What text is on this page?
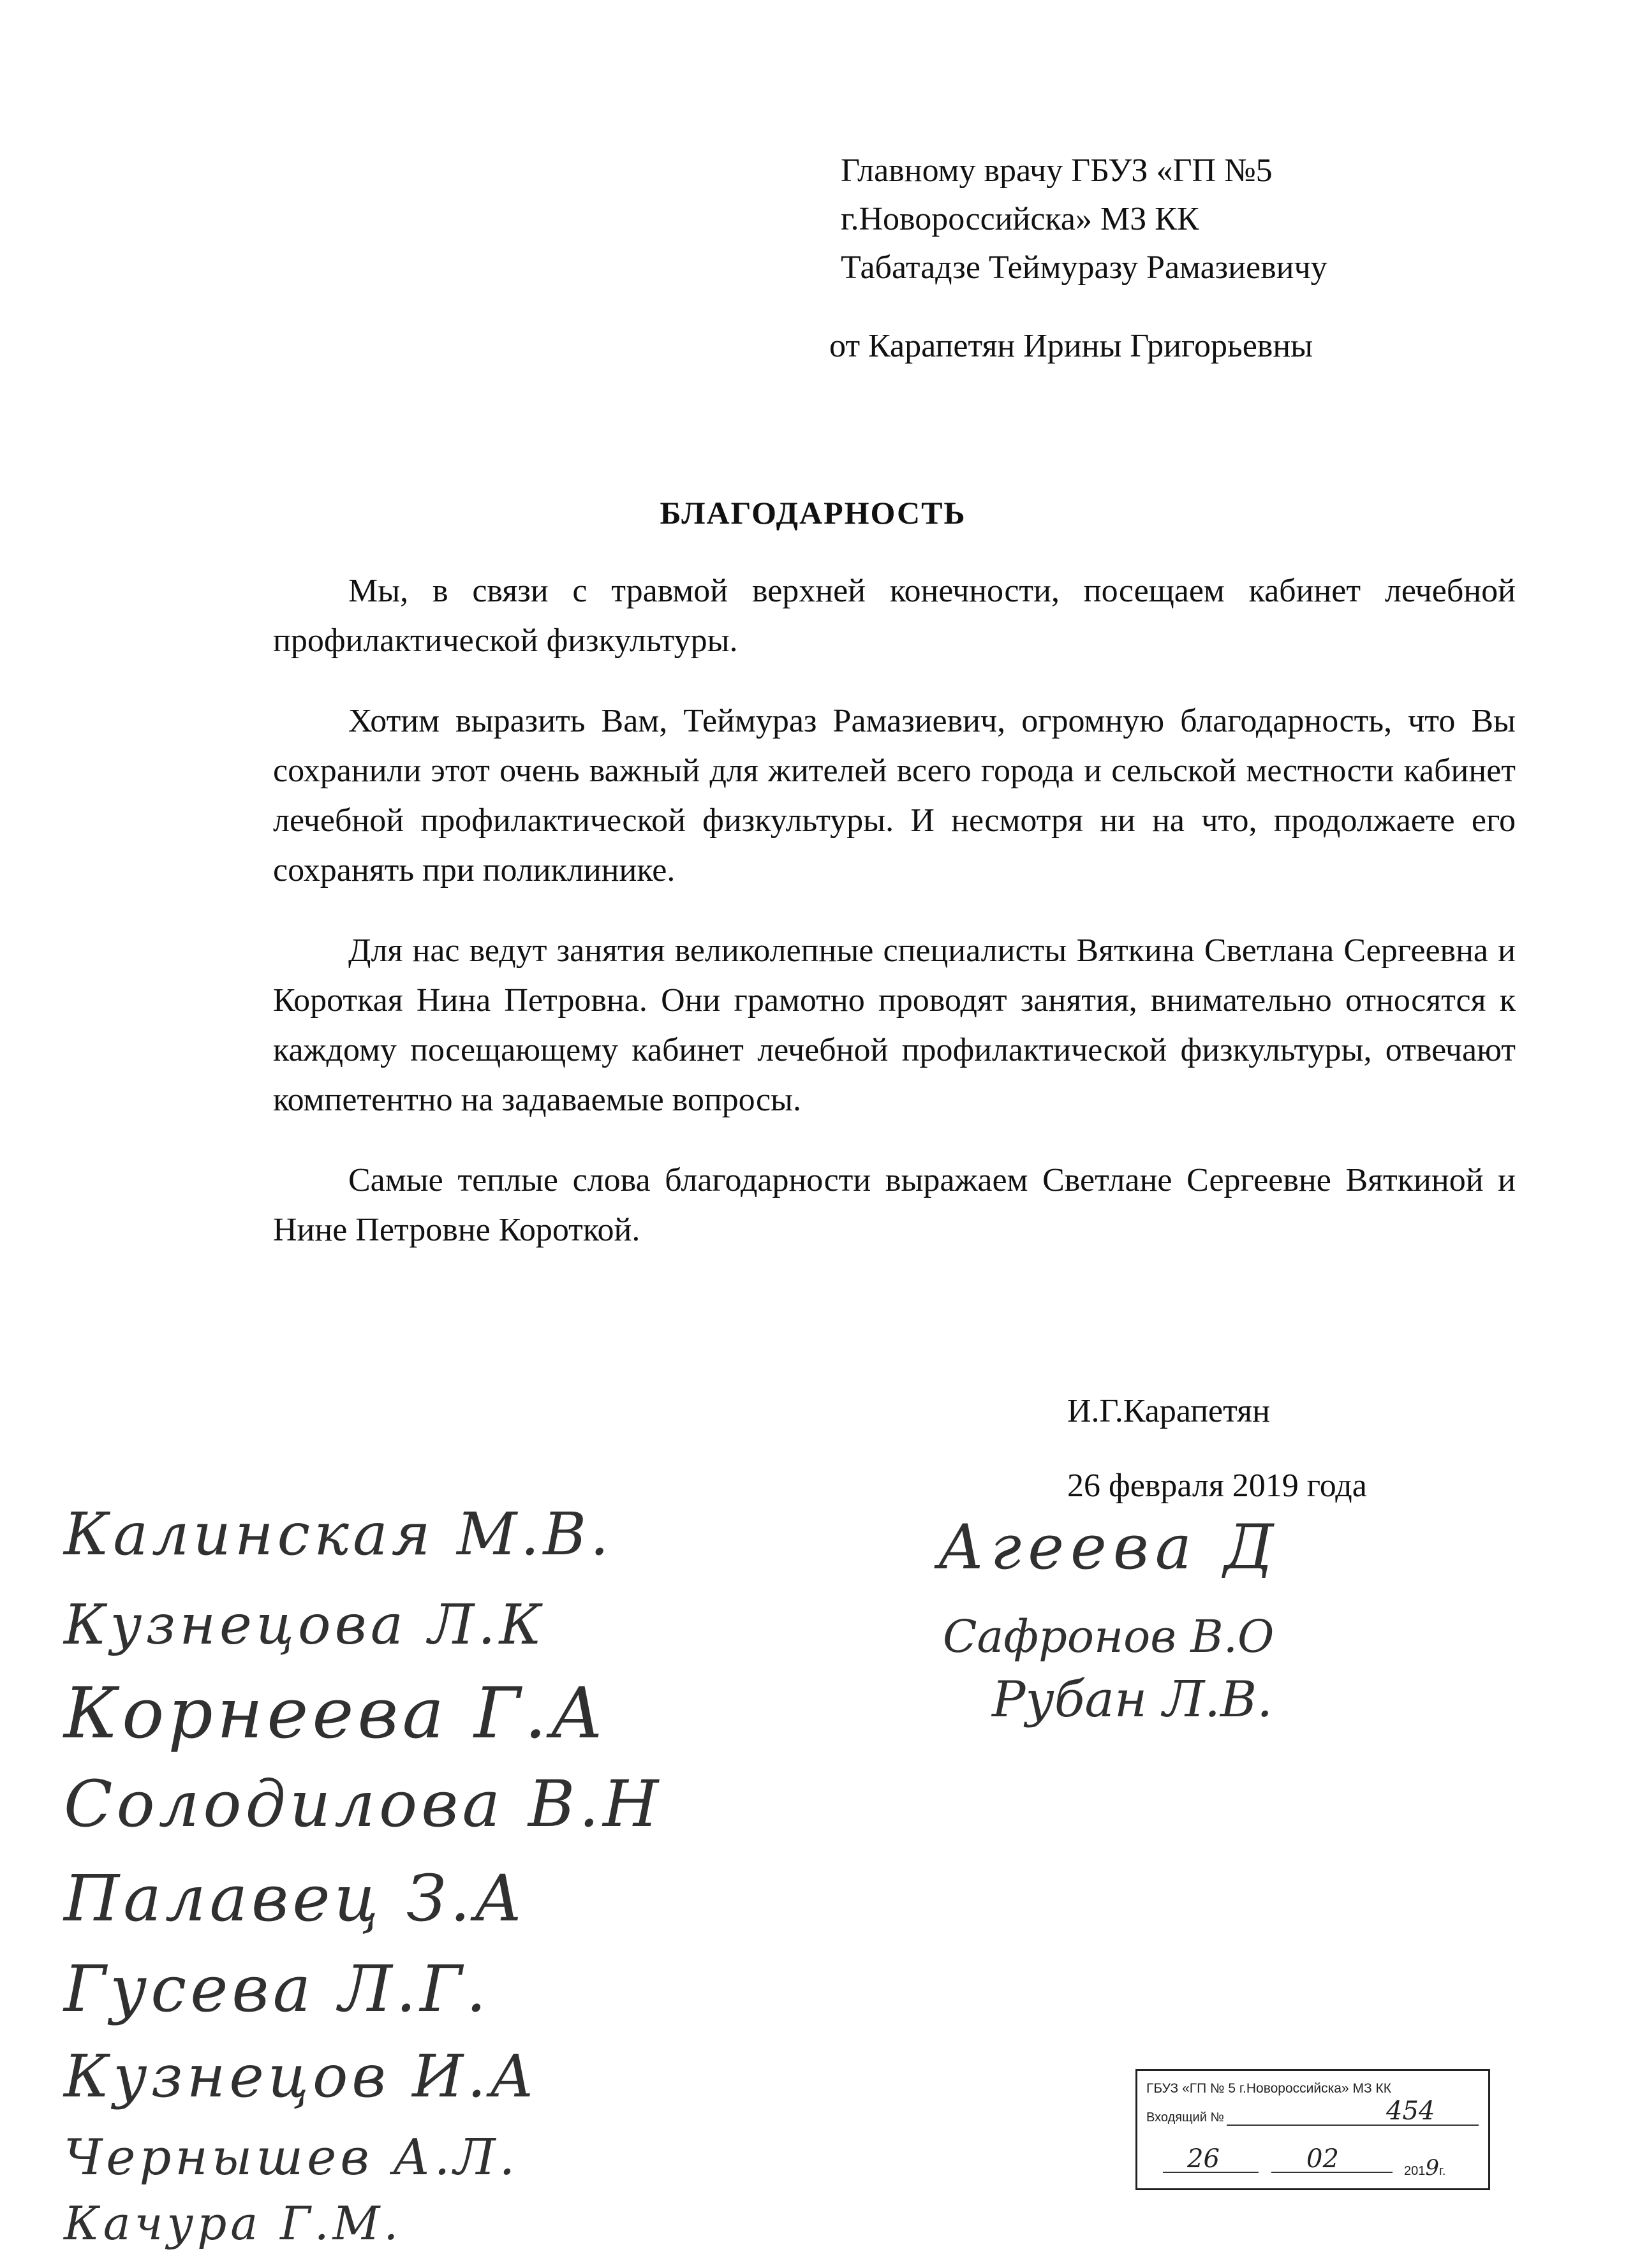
Главному врачу ГБУЗ «ГП №5
г.Новороссийска» МЗ КК
Табатадзе Теймуразу Рамазиевичу
от Карапетян Ирины Григорьевны
БЛАГОДАРНОСТЬ

Мы, в связи с травмой верхней конечности, посещаем кабинет лечебной профилактической физкультуры.

Хотим выразить Вам, Теймураз Рамазиевич, огромную благодарность, что Вы сохранили этот очень важный для жителей всего города и сельской местности кабинет лечебной профилактической физкультуры. И несмотря ни на что, продолжаете его сохранять при поликлинике.

Для нас ведут занятия великолепные специалисты Вяткина Светлана Сергеевна и Короткая Нина Петровна. Они грамотно проводят занятия, внимательно относятся к каждому посещающему кабинет лечебной профилактической физкультуры, отвечают компетентно на задаваемые вопросы.

Самые теплые слова благодарности выражаем Светлане Сергеевне Вяткиной и Нине Петровне Короткой.

И.Г.Карапетян
26 февраля 2019 года
Калинская М.В.
Кузнецова Л.К
Корнеева Г.А
Солодилова В.Н
Палавец З.А
Гусева Л.Г.
Кузнецов И.А
Чернышев А.Л.
Качура Г.М.
Агеева Д
Сафронов В.О
Рубан Л.В.
ГБУЗ «ГП № 5 г.Новороссийска» МЗ КК
Входящий №	454
26	02	2019г.
